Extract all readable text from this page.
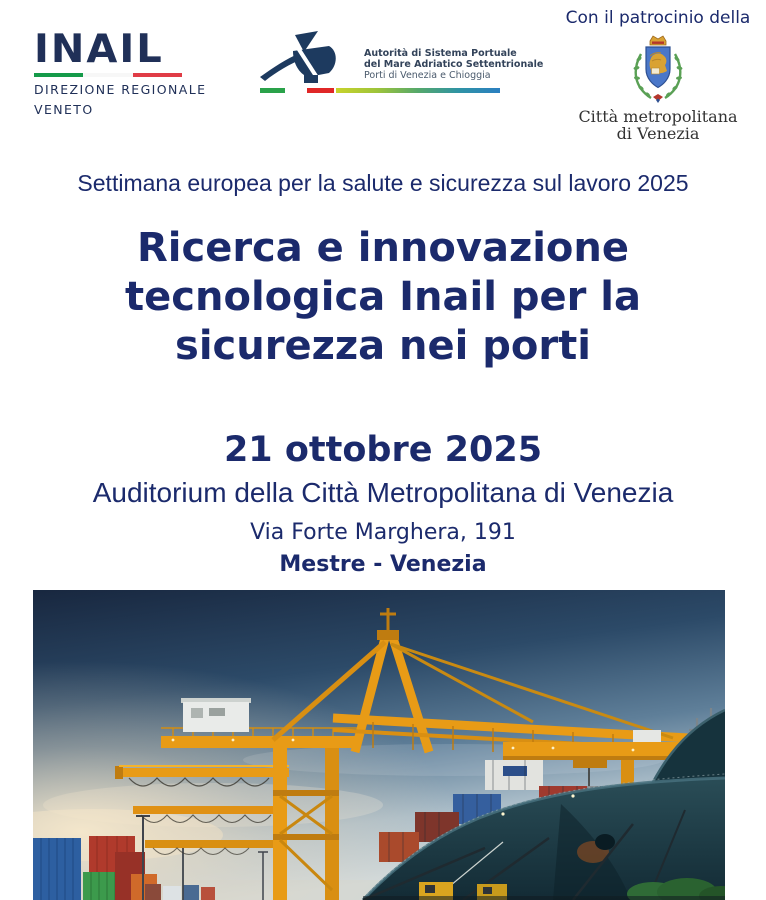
INAIL
DIREZIONE REGIONALE
VENETO
Autorità di Sistema Portuale
del Mare Adriatico Settentrionale
Porti di Venezia e Chioggia
Con il patrocinio della
Città metropolitana
di Venezia
Settimana europea per la salute e sicurezza sul lavoro 2025
Ricerca e innovazione
tecnologica Inail per la
sicurezza nei porti
21 ottobre 2025
Auditorium della Città Metropolitana di Venezia
Via Forte Marghera, 191
Mestre - Venezia
